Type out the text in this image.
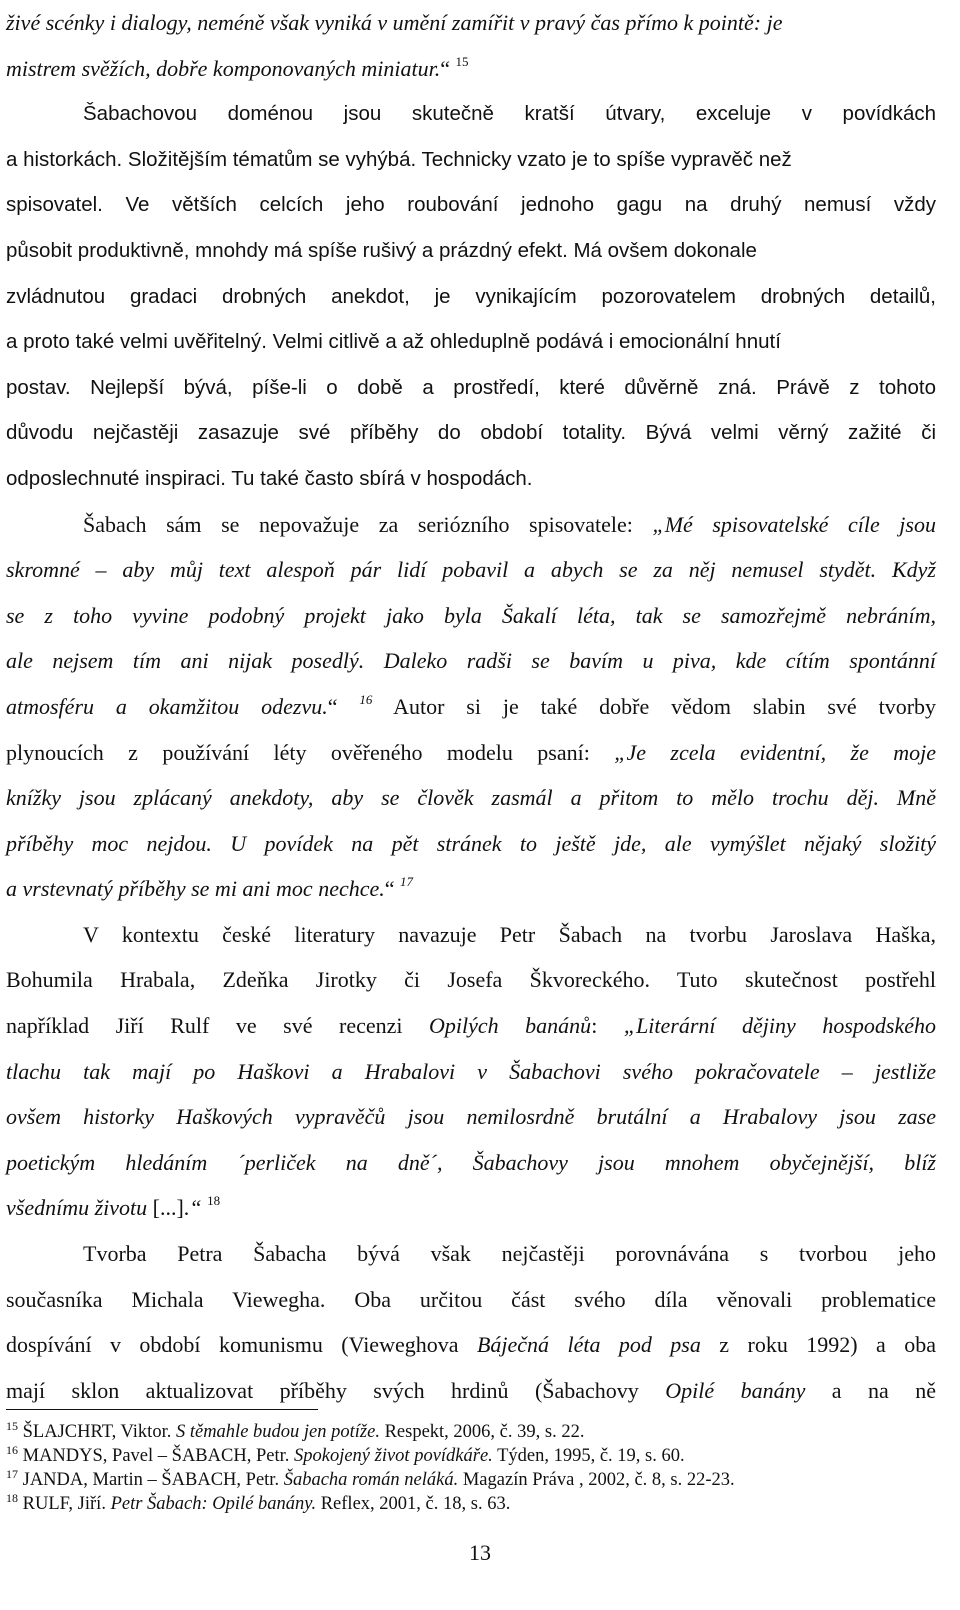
živé scénky i dialogy, neméně však vyniká v umění zamířit v pravý čas přímo k pointě: je
mistrem svěžích, dobře komponovaných miniatur.“ $^{15}$
Šabachovou doménou jsou skutečně kratší útvary, exceluje v povídkách
a historkách. Složitějším tématům se vyhýbá. Technicky vzato je to spíše vypravěč než
spisovatel. Ve větších celcích jeho roubování jednoho gagu na druhý nemusí vždy
působit produktivně, mnohdy má spíše rušivý a prázdný efekt. Má ovšem dokonale
zvládnutou gradaci drobných anekdot, je vynikajícím pozorovatelem drobných detailů,
a proto také velmi uvěřitelný. Velmi citlivě a až ohleduplně podává i emocionální hnutí
postav. Nejlepší bývá, píše-li o době a prostředí, které důvěrně zná. Právě z tohoto
důvodu nejčastěji zasazuje své příběhy do období totality. Bývá velmi věrný zažité či
odposlechnuté inspiraci. Tu také často sbírá v hospodách.
Šabach sám se nepovažuje za seriózního spisovatele: „Mé spisovatelské cíle jsou
skromné – aby můj text alespoň pár lidí pobavil a abych se za něj nemusel stydět. Když
se z toho vyvine podobný projekt jako byla Šakalí léta, tak se samozřejmě nebráním,
ale nejsem tím ani nijak posedlý. Daleko radši se bavím u piva, kde cítím spontánní
atmosféru a okamžitou odezvu.“ $^{16}$ Autor si je také dobře vědom slabin své tvorby
plynoucích z používání léty ověřeného modelu psaní: „Je zcela evidentní, že moje
knížky jsou zplácaný anekdoty, aby se člověk zasmál a přitom to mělo trochu děj. Mně
příběhy moc nejdou. U povídek na pět stránek to ještě jde, ale vymýšlet nějaký složitý
a vrstevnatý příběhy se mi ani moc nechce.“ $^{17}$
V kontextu české literatury navazuje Petr Šabach na tvorbu Jaroslava Haška,
Bohumila Hrabala, Zdeňka Jirotky či Josefa Škvoreckého. Tuto skutečnost postřehl
například Jiří Rulf ve své recenzi Opilých banánů: „Literární dějiny hospodského
tlachu tak mají po Haškovi a Hrabalovi v Šabachovi svého pokračovatele – jestliže
ovšem historky Haškových vypravěčů jsou nemilosrdně brutální a Hrabalovy jsou zase
poetickým hledáním ´perliček na dně´, Šabachovy jsou mnohem obyčejnější, blíž
všednímu životu [...].“ $^{18}$
Tvorba Petra Šabacha bývá však nejčastěji porovnávána s tvorbou jeho
současníka Michala Viewegha. Oba určitou část svého díla věnovali problematice
dospívání v období komunismu (Vieweghova Báječná léta pod psa z roku 1992) a oba
mají sklon aktualizovat příběhy svých hrdinů (Šabachovy Opilé banány a na ně
$^{15}$ ŠLAJCHRT, Viktor. S těmahle budou jen potíže. Respekt, 2006, č. 39, s. 22.
$^{16}$ MANDYS, Pavel – ŠABACH, Petr. Spokojený život povídkáře. Týden, 1995, č. 19, s. 60.
$^{17}$ JANDA, Martin – ŠABACH, Petr. Šabacha román neláká. Magazín Práva , 2002, č. 8, s. 22-23.
$^{18}$ RULF, Jiří. Petr Šabach: Opilé banány. Reflex, 2001, č. 18, s. 63.
13
